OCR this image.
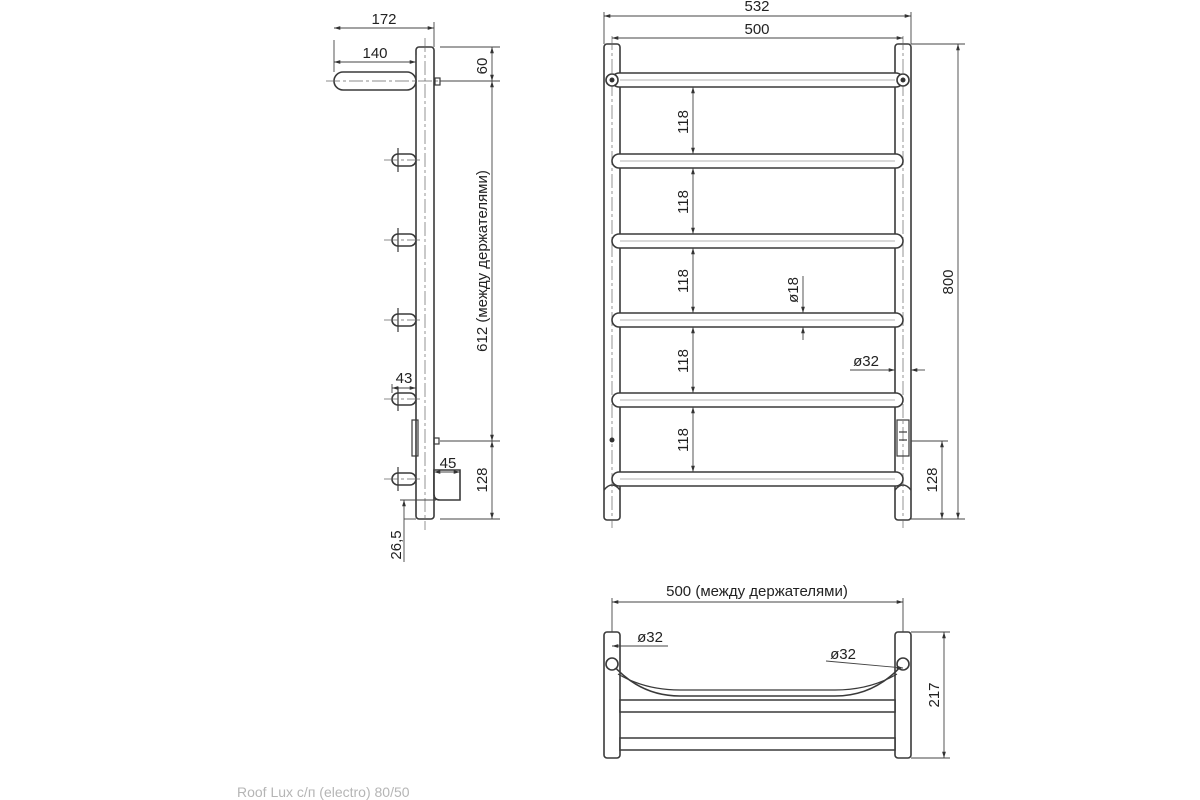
172
140
60
612 (между держателями)
128
43
45
26,5
532
500
800
128
118
118
118
118
118
ø18
ø32
500 (между держателями)
ø32
ø32
217
Roof Lux с/п (electro) 80/50
